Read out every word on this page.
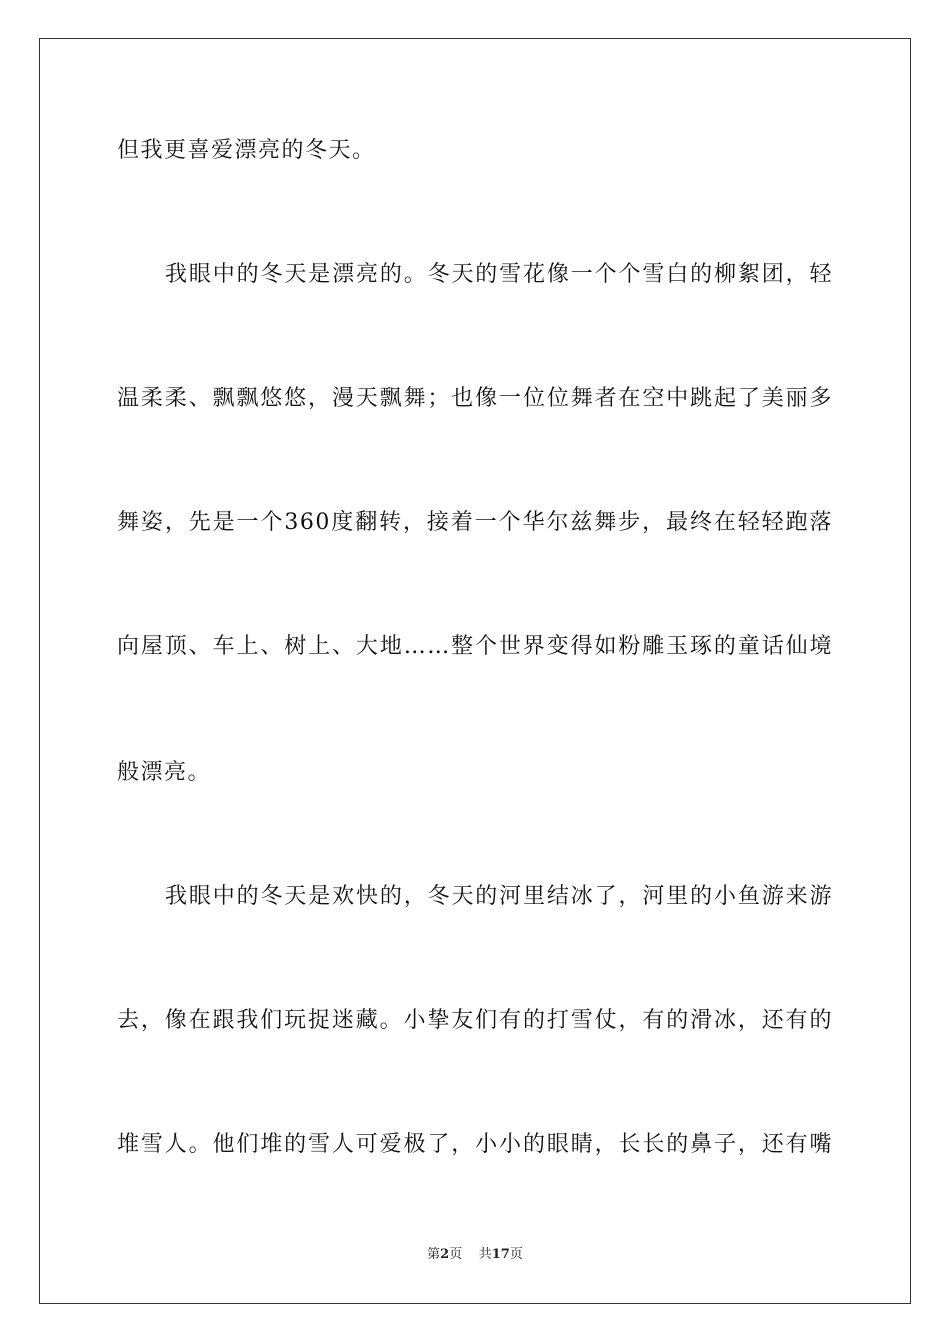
但我更喜爱漂亮的冬天。
我眼中的冬天是漂亮的。冬天的雪花像一个个雪白的柳絮团，轻
温柔柔、飘飘悠悠，漫天飘舞；也像一位位舞者在空中跳起了美丽多
舞姿，先是一个360度翻转，接着一个华尔兹舞步，最终在轻轻跑落
向屋顶、车上、树上、大地……整个世界变得如粉雕玉琢的童话仙境
般漂亮。
我眼中的冬天是欢快的，冬天的河里结冰了，河里的小鱼游来游
去，像在跟我们玩捉迷藏。小挚友们有的打雪仗，有的滑冰，还有的
堆雪人。他们堆的雪人可爱极了，小小的眼睛，长长的鼻子，还有嘴
第2页 共17页
